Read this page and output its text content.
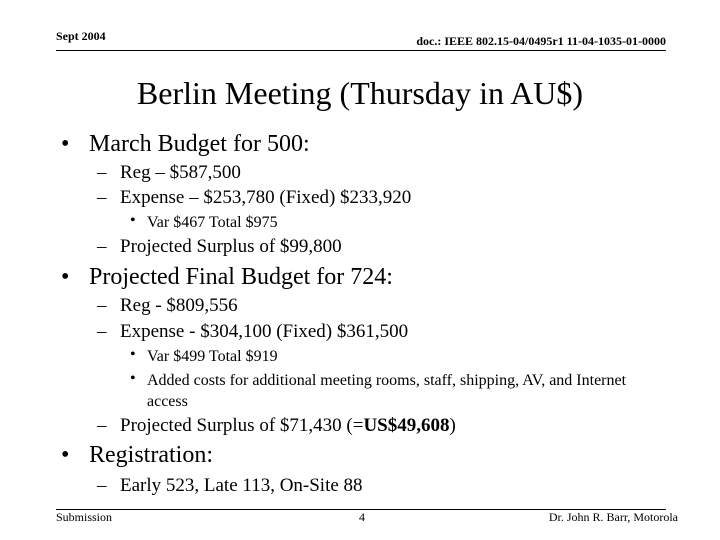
Sept 2004	doc.: IEEE 802.15-04/0495r1 11-04-1035-01-0000
Berlin Meeting (Thursday in AU$)
• March Budget for 500:
– Reg – $587,500
– Expense – $253,780 (Fixed) $233,920
• Var $467 Total $975
– Projected Surplus of $99,800
• Projected Final Budget for 724:
– Reg - $809,556
– Expense - $304,100 (Fixed) $361,500
• Var $499 Total $919
• Added costs for additional meeting rooms, staff, shipping, AV, and Internet access
– Projected Surplus of $71,430 (=US$49,608)
• Registration:
– Early 523, Late 113, On-Site 88
Submission	4	Dr. John R. Barr, Motorola
